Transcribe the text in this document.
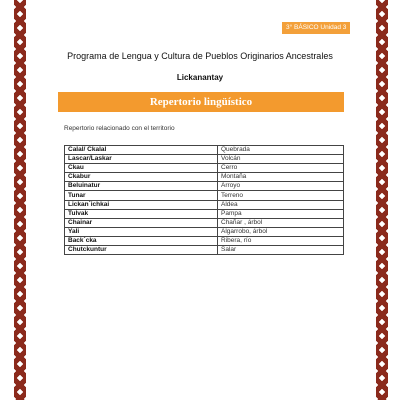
3° BÁSICO Unidad 3
Programa de Lengua y Cultura de Pueblos Originarios Ancestrales
Lickanantay
Repertorio lingüístico
Repertorio relacionado con el territorio
Calal/ Ckalal	Quebrada
Lascar/Laskar	Volcán
Ckau	Cerro
Ckabur	Montaña
Beluinatur	Arroyo
Tunar	Terreno
Lickan´ichkai	Aldea
Tulvak	Pampa
Chainar	Chañar , árbol
Yali	Algarrobo, árbol
Back´cka	Ribera, río
Chutckuntur	Salar
